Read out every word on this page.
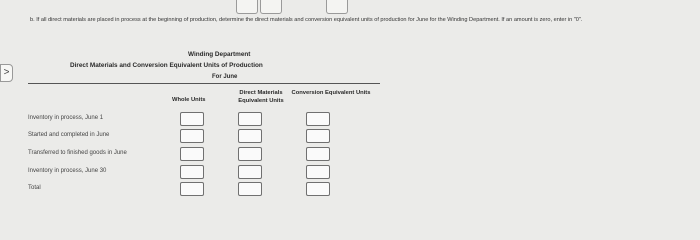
b. If all direct materials are placed in process at the beginning of production, determine the direct materials and conversion equivalent units of production for June for the Winding Department. If an amount is zero, enter in "0".
>
Winding Department
Direct Materials and Conversion Equivalent Units of Production
For June
Whole Units
Direct Materials Equivalent Units
Conversion Equivalent Units
Inventory in process, June 1
Started and completed in June
Transferred to finished goods in June
Inventory in process, June 30
Total
